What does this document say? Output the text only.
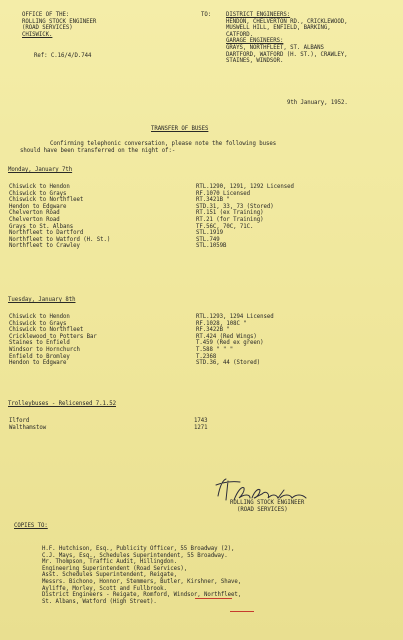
OFFICE OF THE:
ROLLING STOCK ENGINEER
(ROAD SERVICES)
CHISWICK.
Ref: C.16/4/D.744
TO:	DISTRICT ENGINEERS:
HENDON, CHELVERTON RD., CRICKLEWOOD,
MUSWELL HILL, ENFIELD, BARKING,
CATFORD.
GARAGE ENGINEERS:
GRAYS, NORTHFLEET, ST. ALBANS
DARTFORD, WATFORD (H. ST.), CRAWLEY,
STAINES, WINDSOR.
9th January, 1952.
TRANSFER OF BUSES
Confirming telephonic conversation, please note the following buses
should have been transferred on the night of:-
Monday, January 7th
Chiswick to Hendon	RTL.1290, 1291, 1292 Licensed
Chiswick to Grays	RF.1070 Licensed
Chiswick to Northfleet	RT.3421B "
Hendon to Edgware	STD.31, 33, 73 (Stored)
Chelverton Road	RT.151 (ex Training)
Chelverton Road	RT.21 (for Training)
Grays to St. Albans	TF.56C, 70C, 71C.
Northfleet to Dartford	STL.1919
Northfleet to Watford (H. St.)	STL.749
Northfleet to Crawley	STL.1059B
Tuesday, January 8th
Chiswick to Hendon	RTL.1293, 1294 Licensed
Chiswick to Grays	RF.1028, 108C "
Chiswick to Northfleet	RF.3422B "
Cricklewood to Potters Bar	RT.424 (Red Wings)
Staines to Enfield	T.459 (Red ex green)
Windsor to Hornchurch	T.588 " " "
Enfield to Bromley	T.2368
Hendon to Edgware	STD.36, 44 (Stored)
Trolleybuses - Relicensed 7.1.52
Ilford	1743
Walthamstow	1271
ROLLING STOCK ENGINEER
(ROAD SERVICES)
COPIES TO:
H.F. Hutchison, Esq., Publicity Officer, 55 Broadway (2),
C.J. Mays, Esq., Schedules Superintendent, 55 Broadway.
Mr. Thompson, Traffic Audit, Hillingdon.
Engineering Superintendent (Road Services),
Asst. Schedules Superintendent, Reigate,
Messrs. Bichono, Honnor, Stemmers, Butler, Kirshner, Shave,
Ayliffe, Morley, Scott and Fullbrook.
District Engineers - Reigate, Romford, Windsor, Northfleet,
St. Albans, Watford (High Street).
